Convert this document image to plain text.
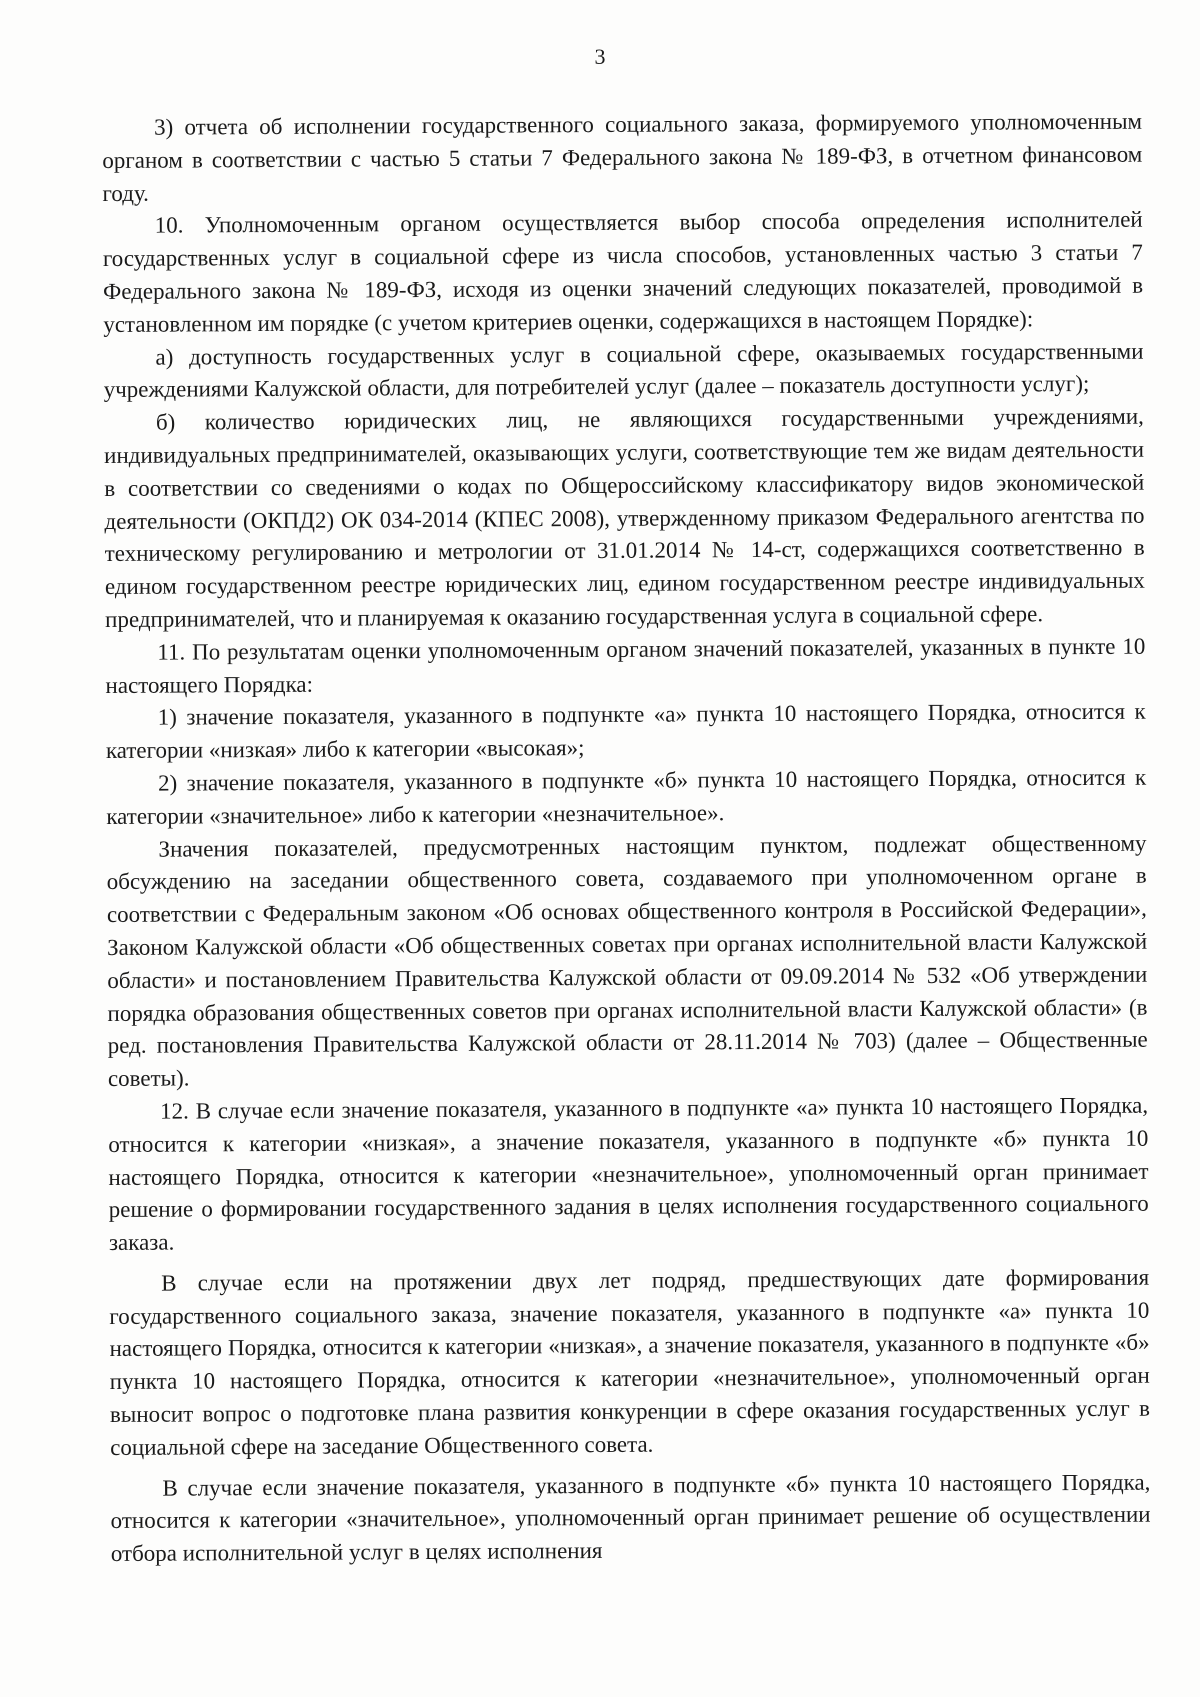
3

3) отчета об исполнении государственного социального заказа, формируемого уполномоченным органом в соответствии с частью 5 статьи 7 Федерального закона № 189-ФЗ, в отчетном финансовом году.

10. Уполномоченным органом осуществляется выбор способа определения исполнителей государственных услуг в социальной сфере из числа способов, установленных частью 3 статьи 7 Федерального закона № 189-ФЗ, исходя из оценки значений следующих показателей, проводимой в установленном им порядке (с учетом критериев оценки, содержащихся в настоящем Порядке):

а) доступность государственных услуг в социальной сфере, оказываемых государственными учреждениями Калужской области, для потребителей услуг (далее – показатель доступности услуг);

б) количество юридических лиц, не являющихся государственными учреждениями, индивидуальных предпринимателей, оказывающих услуги, соответствующие тем же видам деятельности в соответствии со сведениями о кодах по Общероссийскому классификатору видов экономической деятельности (ОКПД2) ОК 034-2014 (КПЕС 2008), утвержденному приказом Федерального агентства по техническому регулированию и метрологии от 31.01.2014 № 14-ст, содержащихся соответственно в едином государственном реестре юридических лиц, едином государственном реестре индивидуальных предпринимателей, что и планируемая к оказанию государственная услуга в социальной сфере.

11. По результатам оценки уполномоченным органом значений показателей, указанных в пункте 10 настоящего Порядка:

1) значение показателя, указанного в подпункте «а» пункта 10 настоящего Порядка, относится к категории «низкая» либо к категории «высокая»;

2) значение показателя, указанного в подпункте «б» пункта 10 настоящего Порядка, относится к категории «значительное» либо к категории «незначительное».

Значения показателей, предусмотренных настоящим пунктом, подлежат общественному обсуждению на заседании общественного совета, создаваемого при уполномоченном органе в соответствии с Федеральным законом «Об основах общественного контроля в Российской Федерации», Законом Калужской области «Об общественных советах при органах исполнительной власти Калужской области» и постановлением Правительства Калужской области от 09.09.2014 № 532 «Об утверждении порядка образования общественных советов при органах исполнительной власти Калужской области» (в ред. постановления Правительства Калужской области от 28.11.2014 № 703) (далее – Общественные советы).

12. В случае если значение показателя, указанного в подпункте «а» пункта 10 настоящего Порядка, относится к категории «низкая», а значение показателя, указанного в подпункте «б» пункта 10 настоящего Порядка, относится к категории «незначительное», уполномоченный орган принимает решение о формировании государственного задания в целях исполнения государственного социального заказа.

В случае если на протяжении двух лет подряд, предшествующих дате формирования государственного социального заказа, значение показателя, указанного в подпункте «а» пункта 10 настоящего Порядка, относится к категории «низкая», а значение показателя, указанного в подпункте «б» пункта 10 настоящего Порядка, относится к категории «незначительное», уполномоченный орган выносит вопрос о подготовке плана развития конкуренции в сфере оказания государственных услуг в социальной сфере на заседание Общественного совета.

В случае если значение показателя, указанного в подпункте «б» пункта 10 настоящего Порядка, относится к категории «значительное», уполномоченный орган принимает решение об осуществлении отбора исполнительной услуг в целях исполнения
